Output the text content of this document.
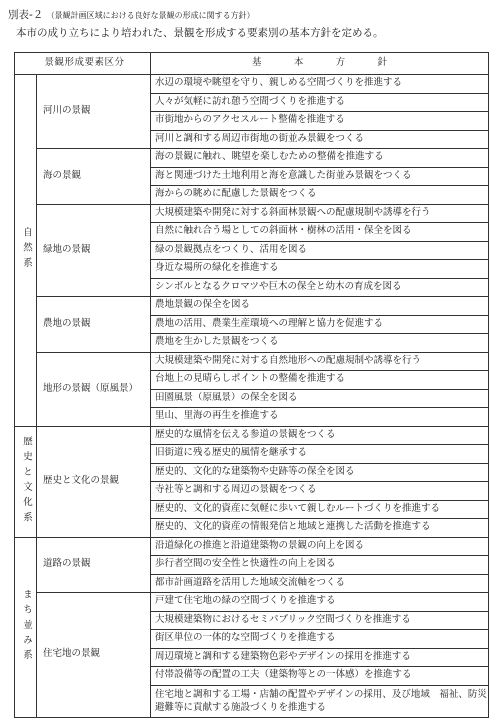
別表-２ （景観計画区域における良好な景観の形成に関する方針）
本市の成り立ちにより培われた、景観を形成する要素別の基本方針を定める。
景観形成要素区分		基　本　方　針
自然系	河川の景観	水辺の環境や眺望を守り、親しめる空間づくりを推進する
		人々が気軽に訪れ憩う空間づくりを推進する
		市街地からのアクセスルート整備を推進する
		河川と調和する周辺市街地の街並み景観をつくる
	海の景観	海の景観に触れ、眺望を楽しむための整備を推進する
		海と関連づけた土地利用と海を意識した街並み景観をつくる
		海からの眺めに配慮した景観をつくる
	緑地の景観	大規模建築や開発に対する斜面林景観への配慮規制や誘導を行う
		自然に触れ合う場としての斜面林・樹林の活用・保全を図る
		緑の景観拠点をつくり、活用を図る
		身近な場所の緑化を推進する
		シンボルとなるクロマツや巨木の保全と幼木の育成を図る
	農地の景観	農地景観の保全を図る
		農地の活用、農業生産環境への理解と協力を促進する
		農地を生かした景観をつくる
	地形の景観（原風景）	大規模建築や開発に対する自然地形への配慮規制や誘導を行う
		台地上の見晴らしポイントの整備を推進する
		田園風景（原風景）の保全を図る
		里山、里海の再生を推進する
歴史と文化系	歴史と文化の景観	歴史的な風情を伝える参道の景観をつくる
		旧街道に残る歴史的風情を継承する
		歴史的、文化的な建築物や史跡等の保全を図る
		寺社等と調和する周辺の景観をつくる
		歴史的、文化的資産に気軽に歩いて親しむルートづくりを推進する
		歴史的、文化的資産の情報発信と地域と連携した活動を推進する
まち並み系	道路の景観	沿道緑化の推進と沿道建築物の景観の向上を図る
		歩行者空間の安全性と快適性の向上を図る
		都市計画道路を活用した地域交流軸をつくる
	住宅地の景観	戸建て住宅地の緑の空間づくりを推進する
		大規模建築物におけるセミパブリック空間づくりを推進する
		街区単位の一体的な空間づくりを推進する
		周辺環境と調和する建築物色彩やデザインの採用を推進する
		付帯設備等の配置の工夫（建築物等との一体感）を推進する
		住宅地と調和する工場・店舗の配置やデザインの採用、及び地域　福祉、防災避難等に貢献する施設づくりを推進する
